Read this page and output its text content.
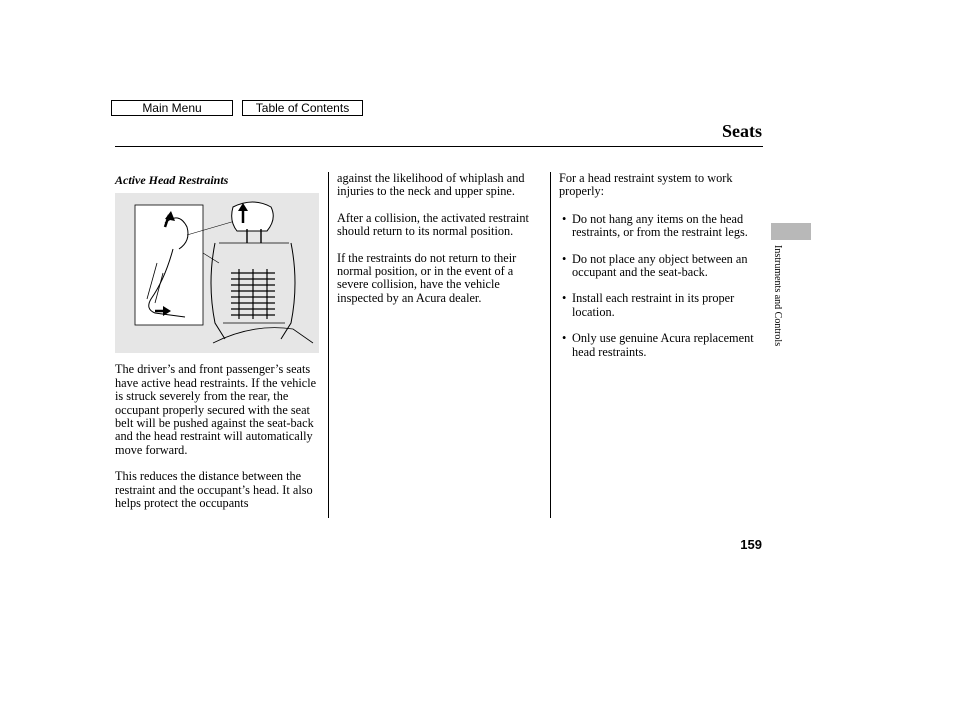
Main Menu	Table of Contents
Seats
Active Head Restraints

The driver’s and front passenger’s seats have active head restraints. If the vehicle is struck severely from the rear, the occupant properly secured with the seat belt will be pushed against the seat-back and the head restraint will automatically move forward.

This reduces the distance between the restraint and the occupant’s head. It also helps protect the occupants

against the likelihood of whiplash and injuries to the neck and upper spine.

After a collision, the activated restraint should return to its normal position.

If the restraints do not return to their normal position, or in the event of a severe collision, have the vehicle inspected by an Acura dealer.

For a head restraint system to work properly:

• Do not hang any items on the head restraints, or from the restraint legs.
• Do not place any object between an occupant and the seat-back.
• Install each restraint in its proper location.
• Only use genuine Acura replacement head restraints.
Instruments and Controls
159
